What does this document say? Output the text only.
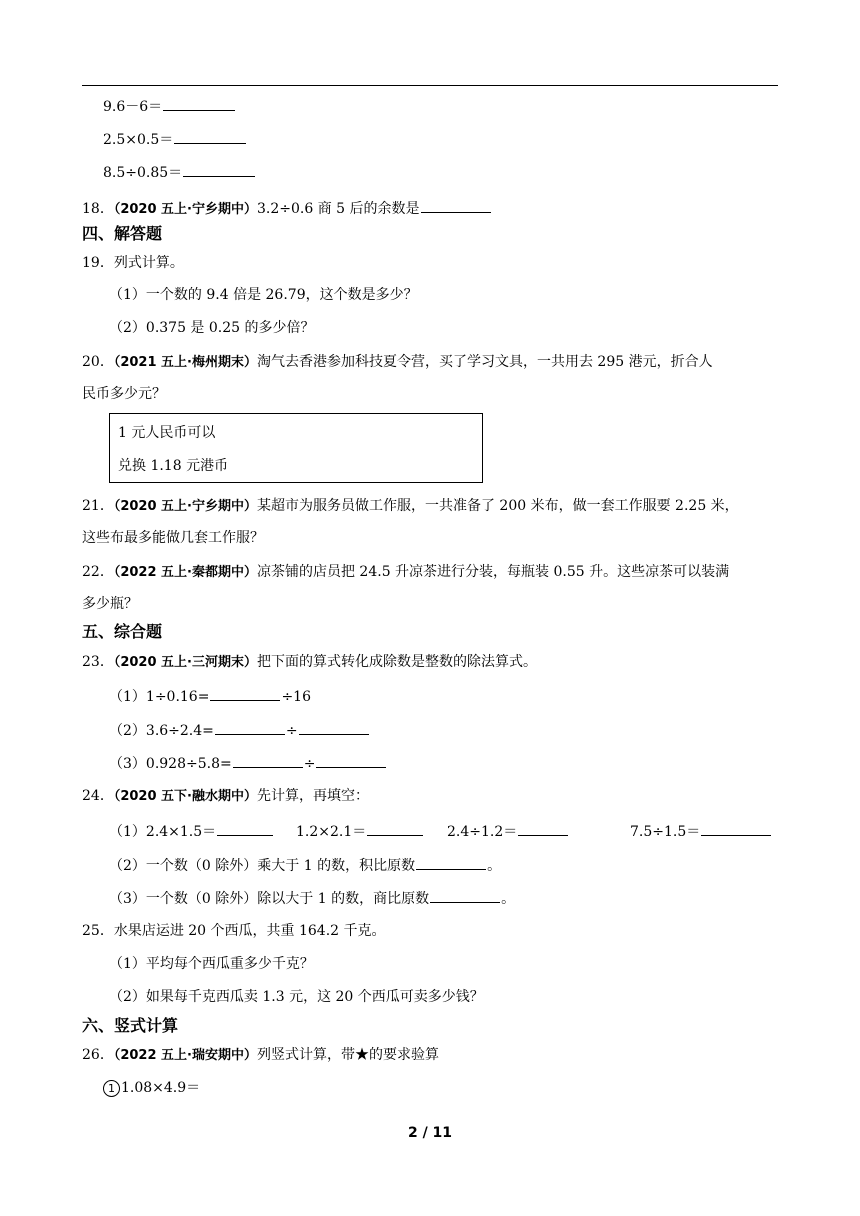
9.6－6＝
2.5×0.5＝
8.5÷0.85＝
18．（2020 五上·宁乡期中）3.2÷0.6 商 5 后的余数是
四、解答题
19．列式计算。
（1）一个数的 9.4 倍是 26.79，这个数是多少？
（2）0.375 是 0.25 的多少倍？
20．（2021 五上·梅州期末）淘气去香港参加科技夏令营，买了学习文具，一共用去 295 港元，折合人
民币多少元？
1 元人民币可以
兑换 1.18 元港币
21．（2020 五上·宁乡期中）某超市为服务员做工作服，一共准备了 200 米布，做一套工作服要 2.25 米，
这些布最多能做几套工作服？
22．（2022 五上·秦都期中）凉茶铺的店员把 24.5 升凉茶进行分装，每瓶装 0.55 升。这些凉茶可以装满
多少瓶？
五、综合题
23．（2020 五上·三河期末）把下面的算式转化成除数是整数的除法算式。
（1）1÷0.16=	÷16
（2）3.6÷2.4=	÷
（3）0.928÷5.8=	÷
24．（2020 五下·融水期中）先计算，再填空：
（1）2.4×1.5＝	1.2×2.1＝	2.4÷1.2＝	7.5÷1.5＝
（2）一个数（0 除外）乘大于 1 的数，积比原数	。
（3）一个数（0 除外）除以大于 1 的数，商比原数	。
25．水果店运进 20 个西瓜，共重 164.2 千克。
（1）平均每个西瓜重多少千克？
（2）如果每千克西瓜卖 1.3 元，这 20 个西瓜可卖多少钱？
六、竖式计算
26．（2022 五上·瑞安期中）列竖式计算，带★的要求验算
1 1.08×4.9＝
2 / 11
